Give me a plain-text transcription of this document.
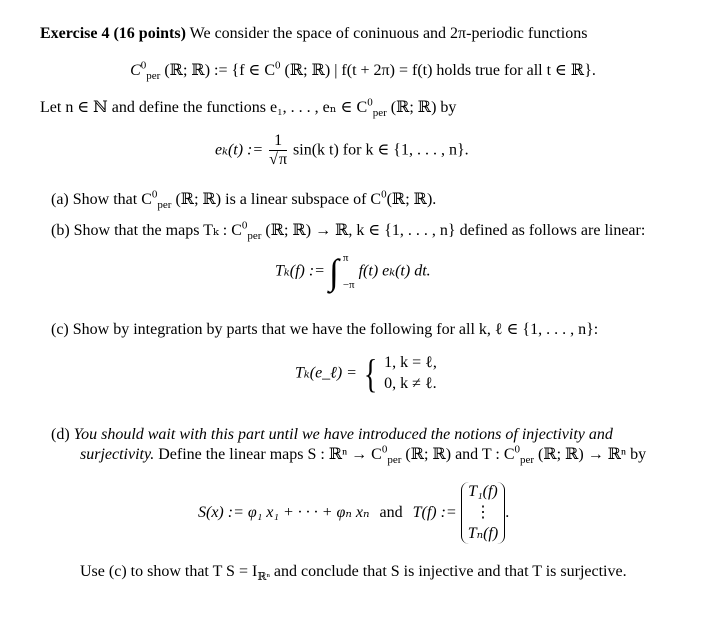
Exercise 4 (16 points) We consider the space of coninuous and 2π-periodic functions
$C^0_{per}$ (ℝ; ℝ) := {f ∈ $C^0$ (ℝ; ℝ) | f(t + 2π) = f(t) holds true for all t ∈ ℝ}.
Let n ∈ ℕ and define the functions e₁, . . . , eₙ ∈ $C^0_{per}$ (ℝ; ℝ) by
eₖ(t) := $\frac{1}{√\pi} \sin(k$ t) for k ∈ {1, . . . , n}.
(a) Show that $C^0_{per}$ (ℝ; ℝ) is a linear subspace of $C^0(ℝ$; ℝ).
(b) Show that the maps Tₖ : $C^0_{per}$ (ℝ; ℝ) → ℝ, k ∈ {1, . . . , n} defined as follows are linear:
Tₖ(f) := ∫ π
−π
f(t) eₖ(t) dt.
(c) Show by integration by parts that we have the following for all k, ℓ ∈ {1, . . . , n}:
Tₖ(e_ℓ) = { 1, k = ℓ,
0, k ≠ ℓ.
(d) You should wait with this part until we have introduced the notions of injectivity and
surjectivity. Define the linear maps S : ℝⁿ → $C^0_{per}$ (ℝ; ℝ) and T : $C^0_{per}$ (ℝ; ℝ) → ℝⁿ by
S(x) := φ₁ x₁ + · · · + φₙ xₙ and T(f) :=
T₁(f)
⋮
Tₙ(f)
.
Use (c) to show that T $S = I_{ℝ^n}$ and conclude that S is injective and that T is surjective.
